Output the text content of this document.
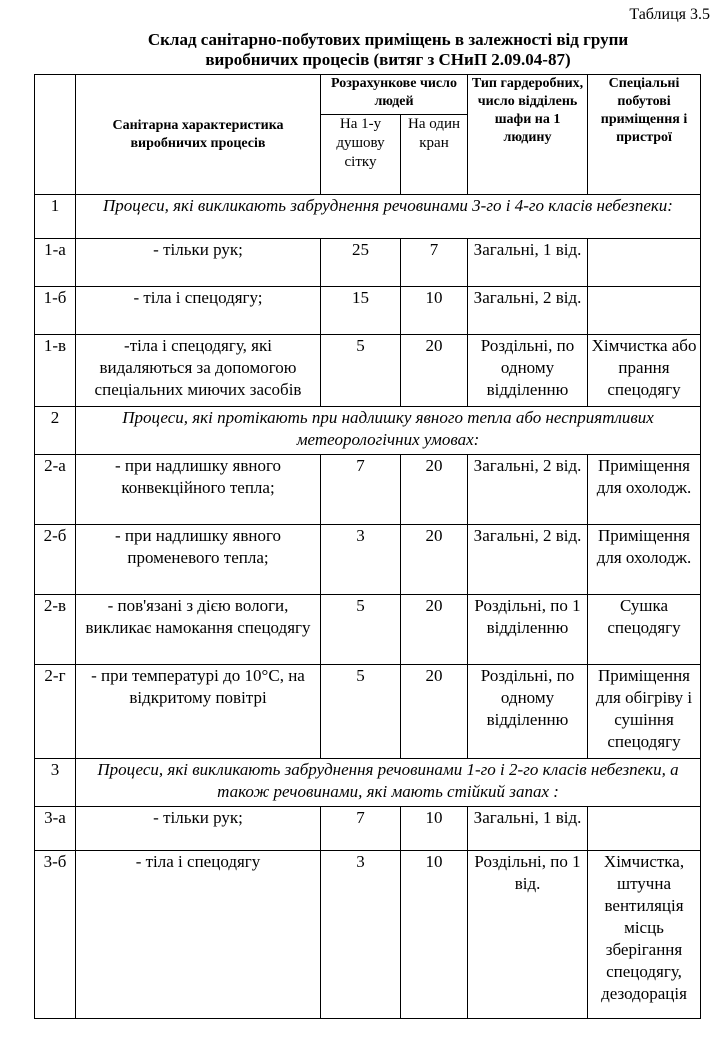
Таблиця 3.5
Склад санітарно-побутових приміщень в залежності від групи
виробничих процесів (витяг з СНиП 2.09.04-87)
	Санітарна характеристика виробничих процесів	Розрахункове число людей		Тип гардеробних, число відділень шафи на 1 людину	Спеціальні побутові приміщення і пристрої
		На 1-у душову сітку	На один кран		
1	Процеси, які викликають забруднення речовинами 3-го і 4-го класів небезпеки:				
1-а	- тільки рук;	25	7	Загальні, 1 від.	
1-б	- тіла і спецодягу;	15	10	Загальні, 2 від.	
1-в	-тіла і спецодягу, які видаляються за допомогою спеціальних миючих засобів	5	20	Роздільні, по одному відділенню	Хімчистка або прання спецодягу
2	Процеси, які протікають при надлишку явного тепла або несприятливих метеорологічних умовах:				
2-а	- при надлишку явного конвекційного тепла;	7	20	Загальні, 2 від.	Приміщення для охолодж.
2-б	- при надлишку явного променевого тепла;	3	20	Загальні, 2 від.	Приміщення для охолодж.
2-в	- пов'язані з дією вологи, викликає намокання спецодягу	5	20	Роздільні, по 1 відділенню	Сушка спецодягу
2-г	- при температурі до 10°С, на відкритому повітрі	5	20	Роздільні, по одному відділенню	Приміщення для обігріву і сушіння спецодягу
3	Процеси, які викликають забруднення речовинами 1-го і 2-го класів небезпеки, а також речовинами, які мають стійкий запах :				
3-а	- тільки рук;	7	10	Загальні, 1 від.	
3-б	- тіла і спецодягу	3	10	Роздільні, по 1 від.	Хімчистка, штучна вентиляція місць зберігання спецодягу, дезодорація
